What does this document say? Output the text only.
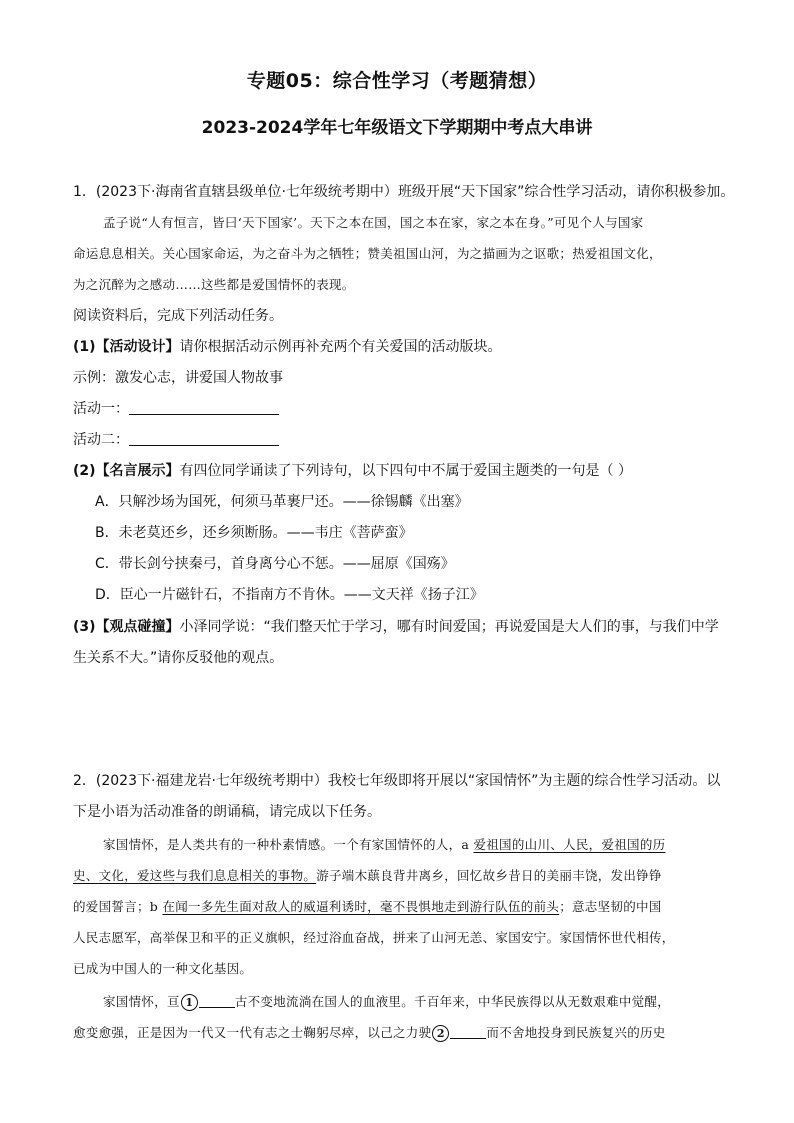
专题05：综合性学习（考题猜想）
2023-2024学年七年级语文下学期期中考点大串讲
1．(2023下·海南省直辖县级单位·七年级统考期中）班级开展“天下国家”综合性学习活动，请你积极参加。
孟子说“人有恒言，皆曰‘天下国家’。天下之本在国，国之本在家，家之本在身。”可见个人与国家
命运息息相关。关心国家命运，为之奋斗为之牺牲；赞美祖国山河，为之描画为之讴歌；热爱祖国文化，
为之沉醉为之感动……这些都是爱国情怀的表现。
阅读资料后，完成下列活动任务。
(1)【活动设计】请你根据活动示例再补充两个有关爱国的活动版块。
示例：激发心志，讲爱国人物故事
活动一：
活动二：
(2)【名言展示】有四位同学诵读了下列诗句，以下四句中不属于爱国主题类的一句是（ ）
A．只解沙场为国死，何须马革裹尸还。——徐锡麟《出塞》
B．未老莫还乡，还乡须断肠。——韦庄《菩萨蛮》
C．带长剑兮挟秦弓，首身离兮心不惩。——屈原《国殇》
D．臣心一片磁针石，不指南方不肯休。——文天祥《扬子江》
(3)【观点碰撞】小泽同学说：“我们整天忙于学习，哪有时间爱国；再说爱国是大人们的事，与我们中学
生关系不大。”请你反驳他的观点。
2．(2023下·福建龙岩·七年级统考期中）我校七年级即将开展以“家国情怀”为主题的综合性学习活动。以
下是小语为活动准备的朗诵稿，请完成以下任务。
家国情怀，是人类共有的一种朴素情感。一个有家国情怀的人，a 爱祖国的山川、人民，爱祖国的历
史、文化，爱这些与我们息息相关的事物。游子端木蕻良背井离乡，回忆故乡昔日的美丽丰饶，发出铮铮
的爱国誓言；b 在闻一多先生面对敌人的威逼利诱时，毫不畏惧地走到游行队伍的前头；意志坚韧的中国
人民志愿军，高举保卫和平的正义旗帜，经过浴血奋战，拼来了山河无恙、家国安宁。家国情怀世代相传，
已成为中国人的一种文化基因。
家国情怀，亘 1	古不变地流淌在国人的血液里。千百年来，中华民族得以从无数艰难中觉醒，
愈变愈强，正是因为一代又一代有志之士鞠躬尽瘁，以己之力驶 2	而不舍地投身到民族复兴的历史
